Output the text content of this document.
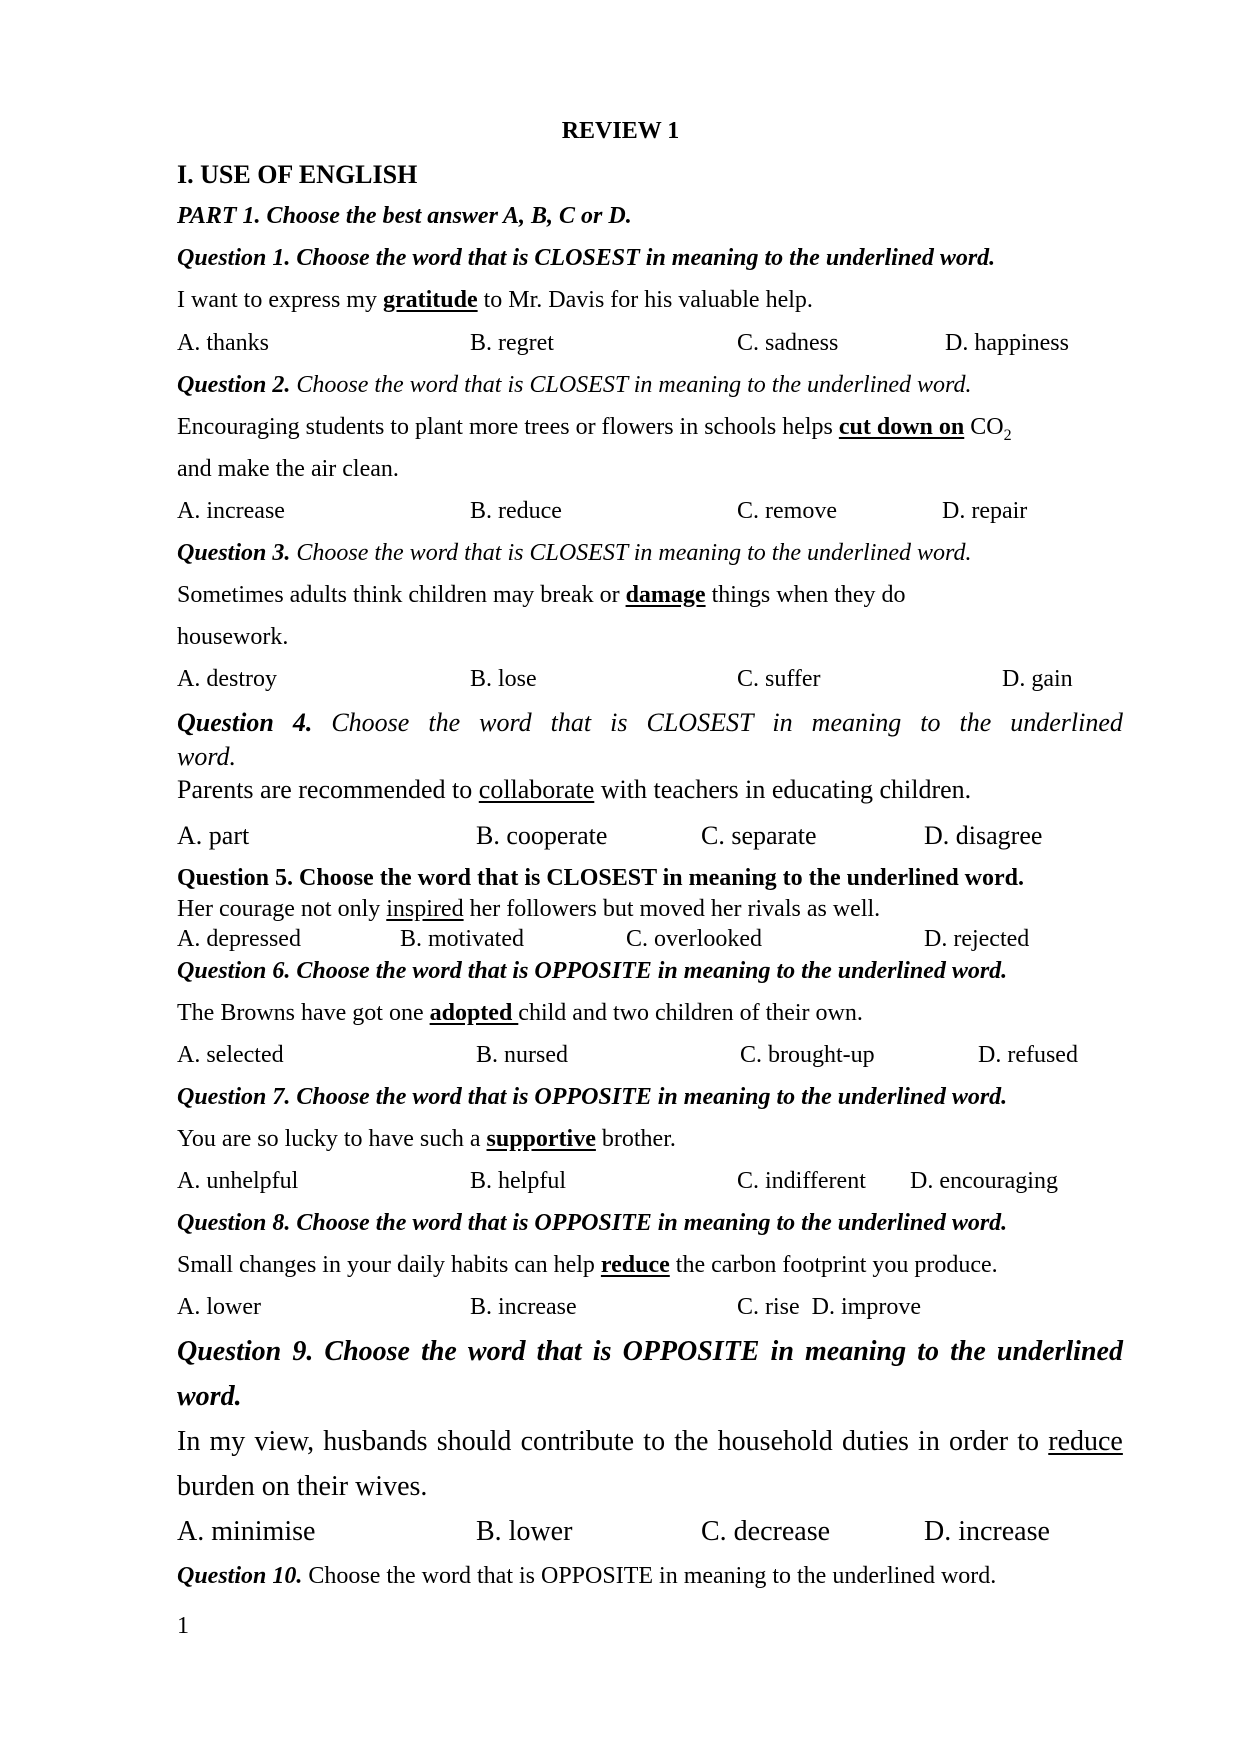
REVIEW 1
I. USE OF ENGLISH
PART 1. Choose the best answer A, B, C or D.
Question 1. Choose the word that is CLOSEST in meaning to the underlined word.
I want to express my gratitude to Mr. Davis for his valuable help.
A. thanks	B. regret	C. sadness	D. happiness
Question 2. Choose the word that is CLOSEST in meaning to the underlined word.
Encouraging students to plant more trees or flowers in schools helps cut down on $CO_2$
and make the air clean.
A. increase	B. reduce	C. remove	D. repair
Question 3. Choose the word that is CLOSEST in meaning to the underlined word.
Sometimes adults think children may break or damage things when they do
housework.
A. destroy	B. lose	C. suffer	D. gain
Question 4. Choose the word that is CLOSEST in meaning to the underlined
word.
Parents are recommended to collaborate with teachers in educating children.
A. part	B. cooperate	C. separate	D. disagree
Question 5. Choose the word that is CLOSEST in meaning to the underlined word.
Her courage not only inspired her followers but moved her rivals as well.
A. depressed	B. motivated	C. overlooked	D. rejected
Question 6. Choose the word that is OPPOSITE in meaning to the underlined word.
The Browns have got one adopted child and two children of their own.
A. selected	B. nursed	C. brought-up	D. refused
Question 7. Choose the word that is OPPOSITE in meaning to the underlined word.
You are so lucky to have such a supportive brother.
A. unhelpful	B. helpful	C. indifferent D. encouraging
Question 8. Choose the word that is OPPOSITE in meaning to the underlined word.
Small changes in your daily habits can help reduce the carbon footprint you produce.
A. lower	B. increase	C. rise  D. improve
Question 9. Choose the word that is OPPOSITE in meaning to the underlined
word.
In my view, husbands should contribute to the household duties in order to reduce
burden on their wives.
A. minimise	B. lower	C. decrease	D. increase
Question 10. Choose the word that is OPPOSITE in meaning to the underlined word.
1
